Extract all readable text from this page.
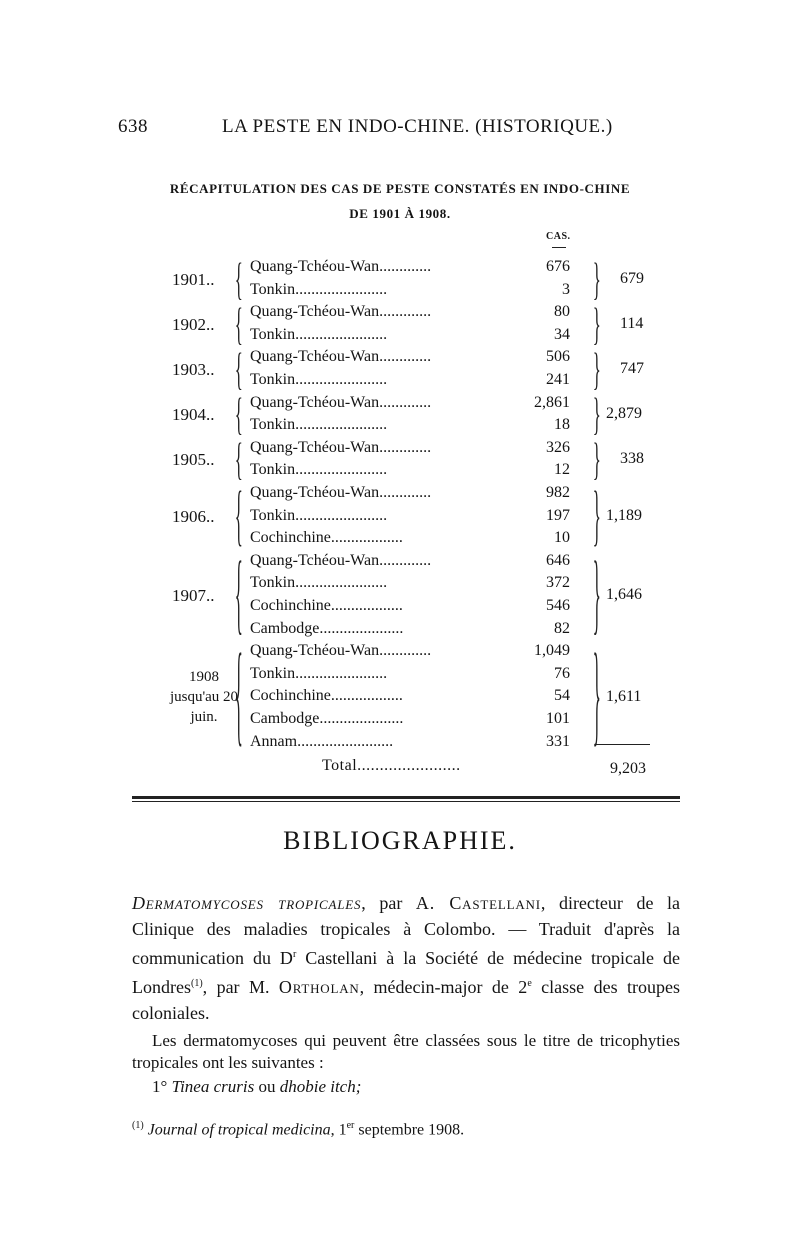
638	LA PESTE EN INDO-CHINE. (HISTORIQUE.)
RÉCAPITULATION DES CAS DE PESTE CONSTATÉS EN INDO-CHINE
DE 1901 À 1908.
CAS.
1901.. { Quang-Tchéou-Wan.............	676
Tonkin.......................	3 } 679
1902.. { Quang-Tchéou-Wan.............	80
Tonkin.......................	34 } 114
1903.. { Quang-Tchéou-Wan.............	506
Tonkin.......................	241 } 747
1904.. { Quang-Tchéou-Wan.............	2,861
Tonkin.......................	18 } 2,879
1905.. { Quang-Tchéou-Wan.............	326
Tonkin.......................	12 } 338
1906.. { Quang-Tchéou-Wan.............	982
Tonkin.......................	197
Cochinchine..................	10 } 1,189
1907.. { Quang-Tchéou-Wan.............	646
Tonkin.......................	372
Cochinchine..................	546
Cambodge.....................	82 } 1,646
1908 jusqu'au 20 juin. { Quang-Tchéou-Wan.............	1,049
Tonkin.......................	76
Cochinchine..................	54
Cambodge.....................	101
Annam........................	331 } 1,611
Total.......................	9,203
BIBLIOGRAPHIE.

Dermatomycoses tropicales, par A. Castellani, directeur de la Clinique des maladies tropicales à Colombo. — Traduit d'après la communication du $D^r$ Castellani à la Société de médecine tropicale de Londres$^{(1)}$, par M. Ortholan, médecin-major de 2e classe des troupes coloniales.

Les dermatomycoses qui peuvent être classées sous le titre de tricophyties tropicales ont les suivantes :
1° Tinea cruris ou dhobie itch;
$^{(1)}$ Journal of tropical medicina, 1er septembre 1908.
